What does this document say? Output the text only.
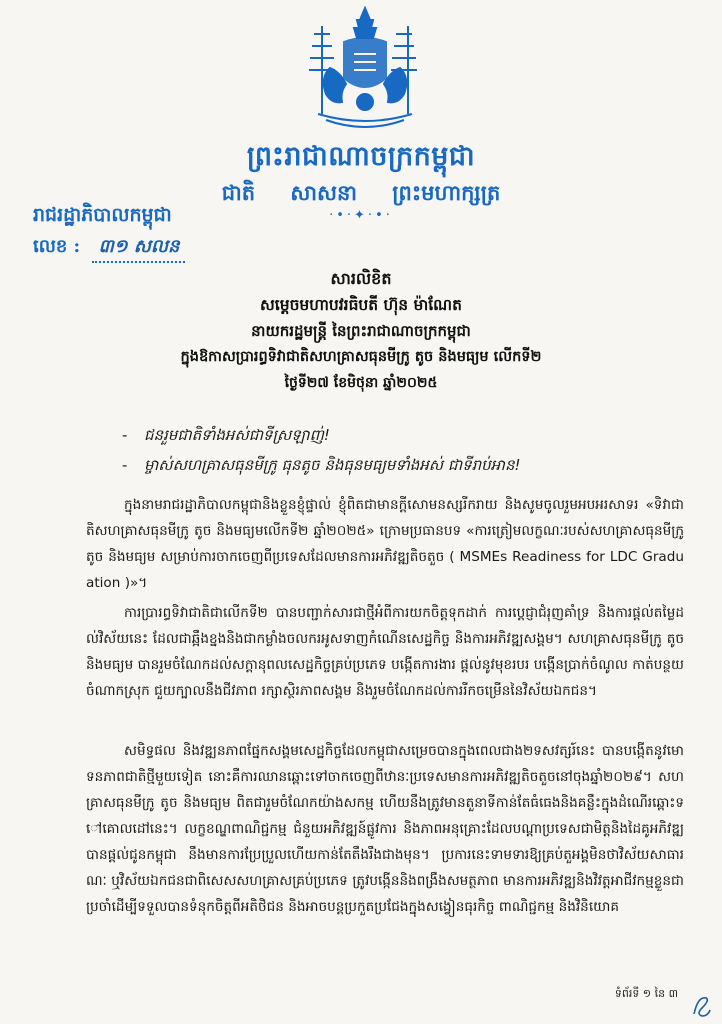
ព្រះរាជាណាចក្រកម្ពុជា
ជាតិ សាសនា ព្រះមហាក្សត្រ
·•·✦·•·
រាជរដ្ឋាភិបាលកម្ពុជា
លេខ : ៣១ សលន
សារលិខិត
សម្តេចមហាបវរធិបតី ហ៊ុន ម៉ាណែត
នាយករដ្ឋមន្ត្រី នៃព្រះរាជាណាចក្រកម្ពុជា
ក្នុងឱកាសប្រារព្ធទិវាជាតិសហគ្រាសធុនមីក្រូ តូច និងមធ្យម លើកទី២
ថ្ងៃទី២៧ ខែមិថុនា ឆ្នាំ២០២៥
- ជនរួមជាតិទាំងអស់ជាទីស្រឡាញ់!
- ម្ចាស់សហគ្រាសធុនមីក្រូ ធុនតូច និងធុនមធ្យមទាំងអស់ ជាទីរាប់អាន!

ក្នុងនាមរាជរដ្ឋាភិបាលកម្ពុជានិងខ្លួនខ្ញុំផ្ទាល់ ខ្ញុំពិតជាមានក្តីសោមនស្សរីករាយ និងសូមចូលរួមអបអរសាទរ «ទិវាជាតិសហគ្រាសធុនមីក្រូ តូច និងមធ្យមលើកទី២ ឆ្នាំ២០២៥» ក្រោមប្រធានបទ «ការត្រៀមលក្ខណៈរបស់សហគ្រាសធុនមីក្រូ តូច និងមធ្យម សម្រាប់ការចាកចេញពីប្រទេសដែលមានការអភិវឌ្ឍតិចតួច ( MSMEs Readiness for LDC Graduation )»។

ការប្រារព្ធទិវាជាតិជាលើកទី២ បានបញ្ជាក់សារជាថ្មីអំពីការយកចិត្តទុកដាក់ ការប្តេជ្ញាជំរុញគាំទ្រ និងការផ្តល់តម្លៃដល់វិស័យនេះ ដែលជាឆ្អឹងខ្នងនិងជាកម្លាំងចលករអូសទាញកំណើនសេដ្ឋកិច្ច និងការអភិវឌ្ឍសង្គម។ សហគ្រាសធុនមីក្រូ តូច និងមធ្យម បានរួមចំណែកដល់សក្តានុពលសេដ្ឋកិច្ចគ្រប់ប្រភេទ បង្កើតការងារ ផ្តល់នូវមុខរបរ បង្កើនប្រាក់ចំណូល កាត់បន្ថយចំណាកស្រុក ជួយក្បាលនឹងជីវភាព រក្សាស្ថិរភាពសង្គម និងរួមចំណែកដល់ការរីកចម្រើននៃវិស័យឯកជន។

សមិទ្ធផល និងវឌ្ឍនភាពផ្នែកសង្គមសេដ្ឋកិច្ចដែលកម្ពុជាសម្រេចបានក្នុងពេលជាង២ទសវត្សរ៍នេះ បានបង្កើតនូវមោទនភាពជាតិថ្មីមួយទៀត នោះគឺការឈានឆ្ពោះទៅចាកចេញពីឋានៈប្រទេសមានការអភិវឌ្ឍតិចតួចនៅចុងឆ្នាំ២០២៩។ សហគ្រាសធុនមីក្រូ តូច និងមធ្យម ពិតជារួមចំណែកយ៉ាងសកម្ម ហើយនឹងត្រូវមានតួនាទីកាន់តែធំធេងនិងគន្លឹះក្នុងដំណើរឆ្ពោះទៅគោលដៅនេះ។ លក្ខខណ្ឌពាណិជ្ជកម្ម ជំនួយអភិវឌ្ឍន៍ផ្លូវការ និងភាពអនុគ្រោះដែលបណ្តាប្រទេសជាមិត្តនិងដៃគូអភិវឌ្ឍបានផ្តល់ជូនកម្ពុជា នឹងមានការប្រែប្រួលហើយកាន់តែតឹងរឹងជាងមុន។ ប្រការនេះទាមទារឱ្យគ្រប់តួអង្គមិនថាវិស័យសាធារណៈ ឬវិស័យឯកជនជាពិសេសសហគ្រាសគ្រប់ប្រភេទ ត្រូវបង្កើននិងពង្រឹងសមត្ថភាព មានការអភិវឌ្ឍនិងវិវត្តអាជីវកម្មខ្លួនជាប្រចាំដើម្បីទទួលបានទំនុកចិត្តពីអតិថិជន និងអាចបន្តប្រកួតប្រជែងក្នុងសង្វៀនធុរកិច្ច ពាណិជ្ជកម្ម និងវិនិយោគ

ទំព័រទី ១ នៃ ៣
